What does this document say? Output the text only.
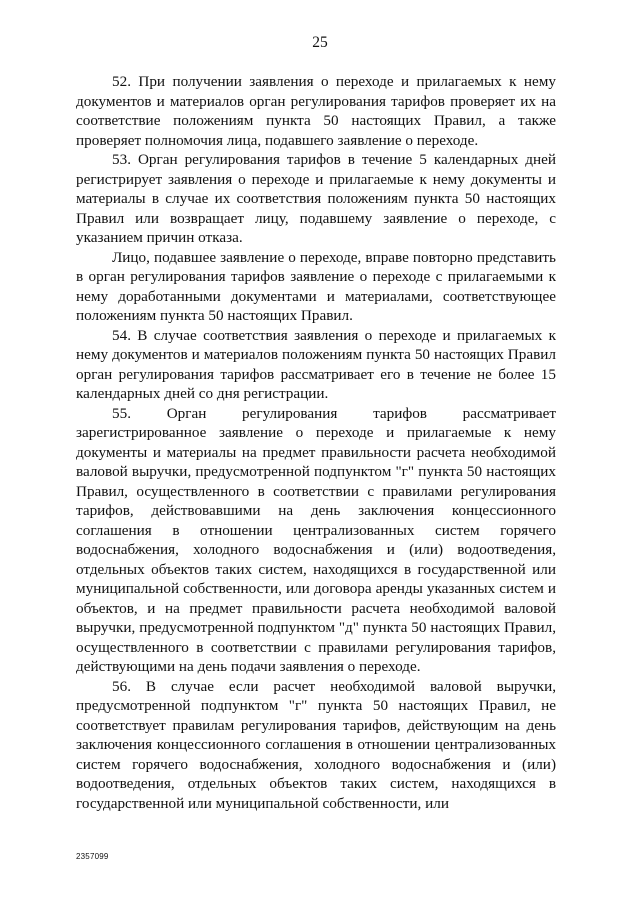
25

52. При получении заявления о переходе и прилагаемых к нему документов и материалов орган регулирования тарифов проверяет их на соответствие положениям пункта 50 настоящих Правил, а также проверяет полномочия лица, подавшего заявление о переходе.

53. Орган регулирования тарифов в течение 5 календарных дней регистрирует заявления о переходе и прилагаемые к нему документы и материалы в случае их соответствия положениям пункта 50 настоящих Правил или возвращает лицу, подавшему заявление о переходе, с указанием причин отказа.

Лицо, подавшее заявление о переходе, вправе повторно представить в орган регулирования тарифов заявление о переходе с прилагаемыми к нему доработанными документами и материалами, соответствующее положениям пункта 50 настоящих Правил.

54. В случае соответствия заявления о переходе и прилагаемых к нему документов и материалов положениям пункта 50 настоящих Правил орган регулирования тарифов рассматривает его в течение не более 15 календарных дней со дня регистрации.

55. Орган регулирования тарифов рассматривает зарегистрированное заявление о переходе и прилагаемые к нему документы и материалы на предмет правильности расчета необходимой валовой выручки, предусмотренной подпунктом "г" пункта 50 настоящих Правил, осуществленного в соответствии с правилами регулирования тарифов, действовавшими на день заключения концессионного соглашения в отношении централизованных систем горячего водоснабжения, холодного водоснабжения и (или) водоотведения, отдельных объектов таких систем, находящихся в государственной или муниципальной собственности, или договора аренды указанных систем и объектов, и на предмет правильности расчета необходимой валовой выручки, предусмотренной подпунктом "д" пункта 50 настоящих Правил, осуществленного в соответствии с правилами регулирования тарифов, действующими на день подачи заявления о переходе.

56. В случае если расчет необходимой валовой выручки, предусмотренной подпунктом "г" пункта 50 настоящих Правил, не соответствует правилам регулирования тарифов, действующим на день заключения концессионного соглашения в отношении централизованных систем горячего водоснабжения, холодного водоснабжения и (или) водоотведения, отдельных объектов таких систем, находящихся в государственной или муниципальной собственности, или

2357099
